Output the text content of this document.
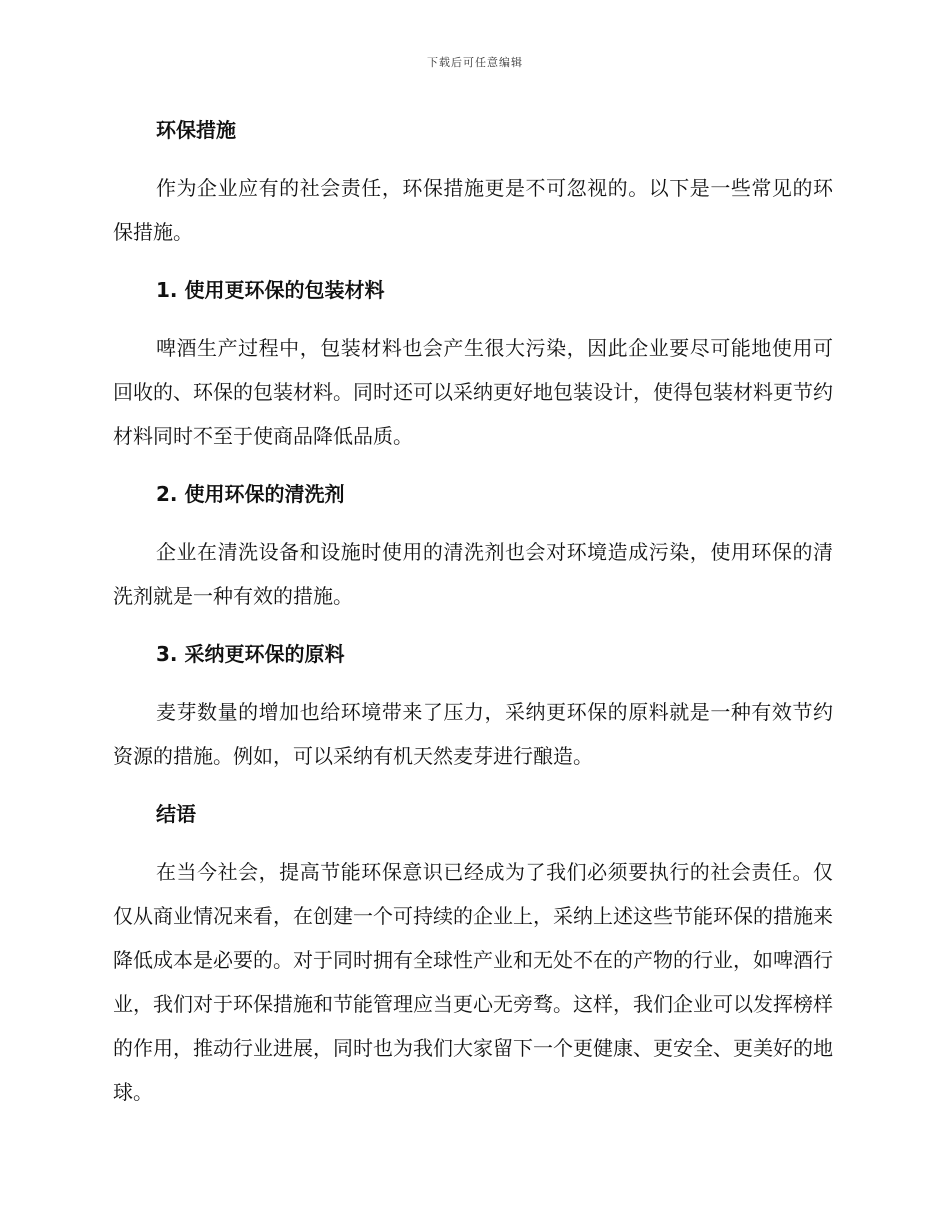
下载后可任意编辑
环保措施

作为企业应有的社会责任，环保措施更是不可忽视的。以下是一些常见的环保措施。

1. 使用更环保的包装材料

啤酒生产过程中，包装材料也会产生很大污染，因此企业要尽可能地使用可回收的、环保的包装材料。同时还可以采纳更好地包装设计，使得包装材料更节约材料同时不至于使商品降低品质。

2. 使用环保的清洗剂

企业在清洗设备和设施时使用的清洗剂也会对环境造成污染，使用环保的清洗剂就是一种有效的措施。

3. 采纳更环保的原料

麦芽数量的增加也给环境带来了压力，采纳更环保的原料就是一种有效节约资源的措施。例如，可以采纳有机天然麦芽进行酿造。

结语

在当今社会，提高节能环保意识已经成为了我们必须要执行的社会责任。仅仅从商业情况来看，在创建一个可持续的企业上，采纳上述这些节能环保的措施来降低成本是必要的。对于同时拥有全球性产业和无处不在的产物的行业，如啤酒行业，我们对于环保措施和节能管理应当更心无旁骛。这样，我们企业可以发挥榜样的作用，推动行业进展，同时也为我们大家留下一个更健康、更安全、更美好的地球。
